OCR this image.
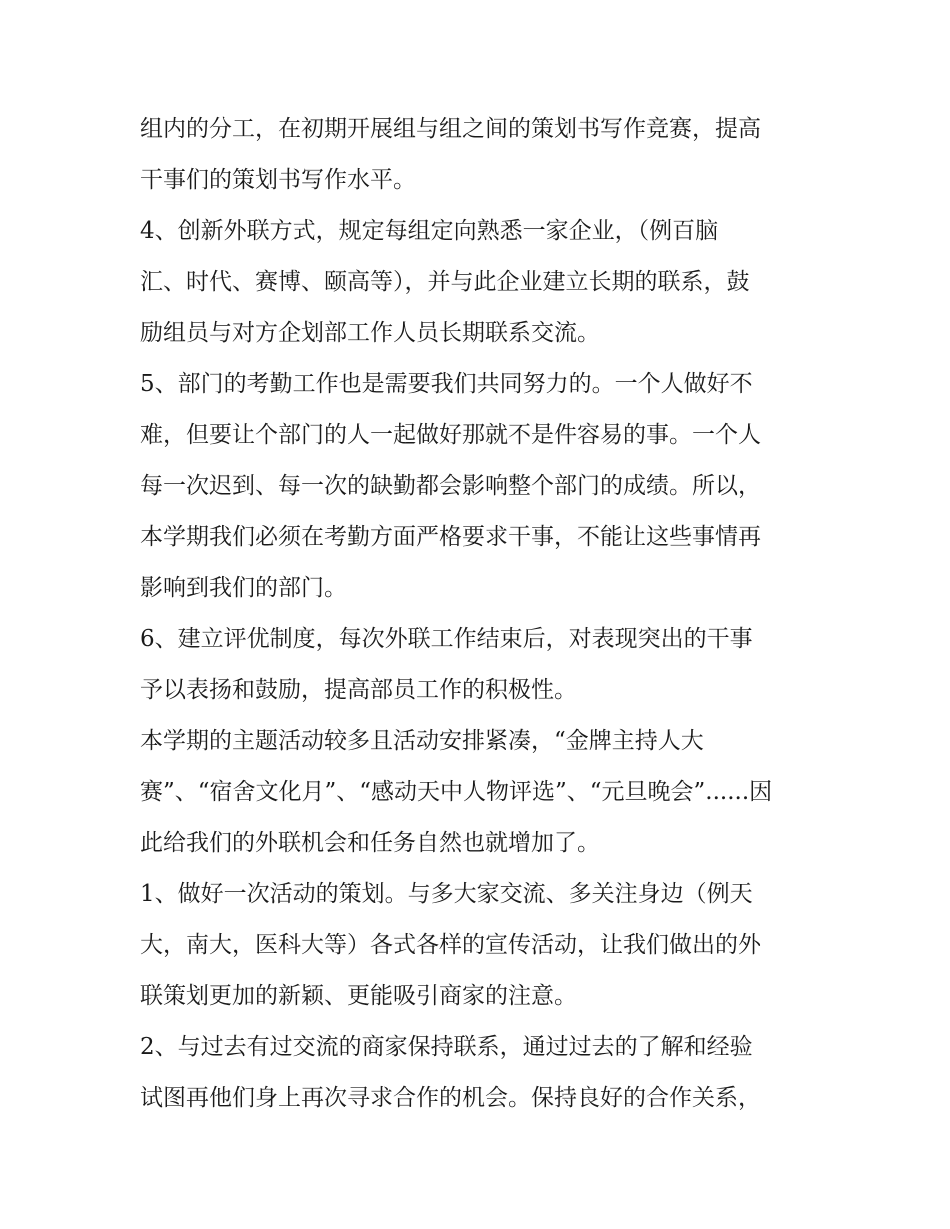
组内的分工，在初期开展组与组之间的策划书写作竞赛，提高
干事们的策划书写作水平。
4、创新外联方式，规定每组定向熟悉一家企业，（例百脑
汇、时代、赛博、颐高等），并与此企业建立长期的联系，鼓
励组员与对方企划部工作人员长期联系交流。
5、部门的考勤工作也是需要我们共同努力的。一个人做好不
难，但要让个部门的人一起做好那就不是件容易的事。一个人
每一次迟到、每一次的缺勤都会影响整个部门的成绩。所以，
本学期我们必须在考勤方面严格要求干事，不能让这些事情再
影响到我们的部门。
6、建立评优制度，每次外联工作结束后，对表现突出的干事
予以表扬和鼓励，提高部员工作的积极性。
本学期的主题活动较多且活动安排紧凑，“金牌主持人大
赛”、“宿舍文化月”、“感动天中人物评选”、“元旦晚会”......因
此给我们的外联机会和任务自然也就增加了。
1、做好一次活动的策划。与多大家交流、多关注身边（例天
大，南大，医科大等）各式各样的宣传活动，让我们做出的外
联策划更加的新颖、更能吸引商家的注意。
2、与过去有过交流的商家保持联系，通过过去的了解和经验
试图再他们身上再次寻求合作的机会。保持良好的合作关系，
